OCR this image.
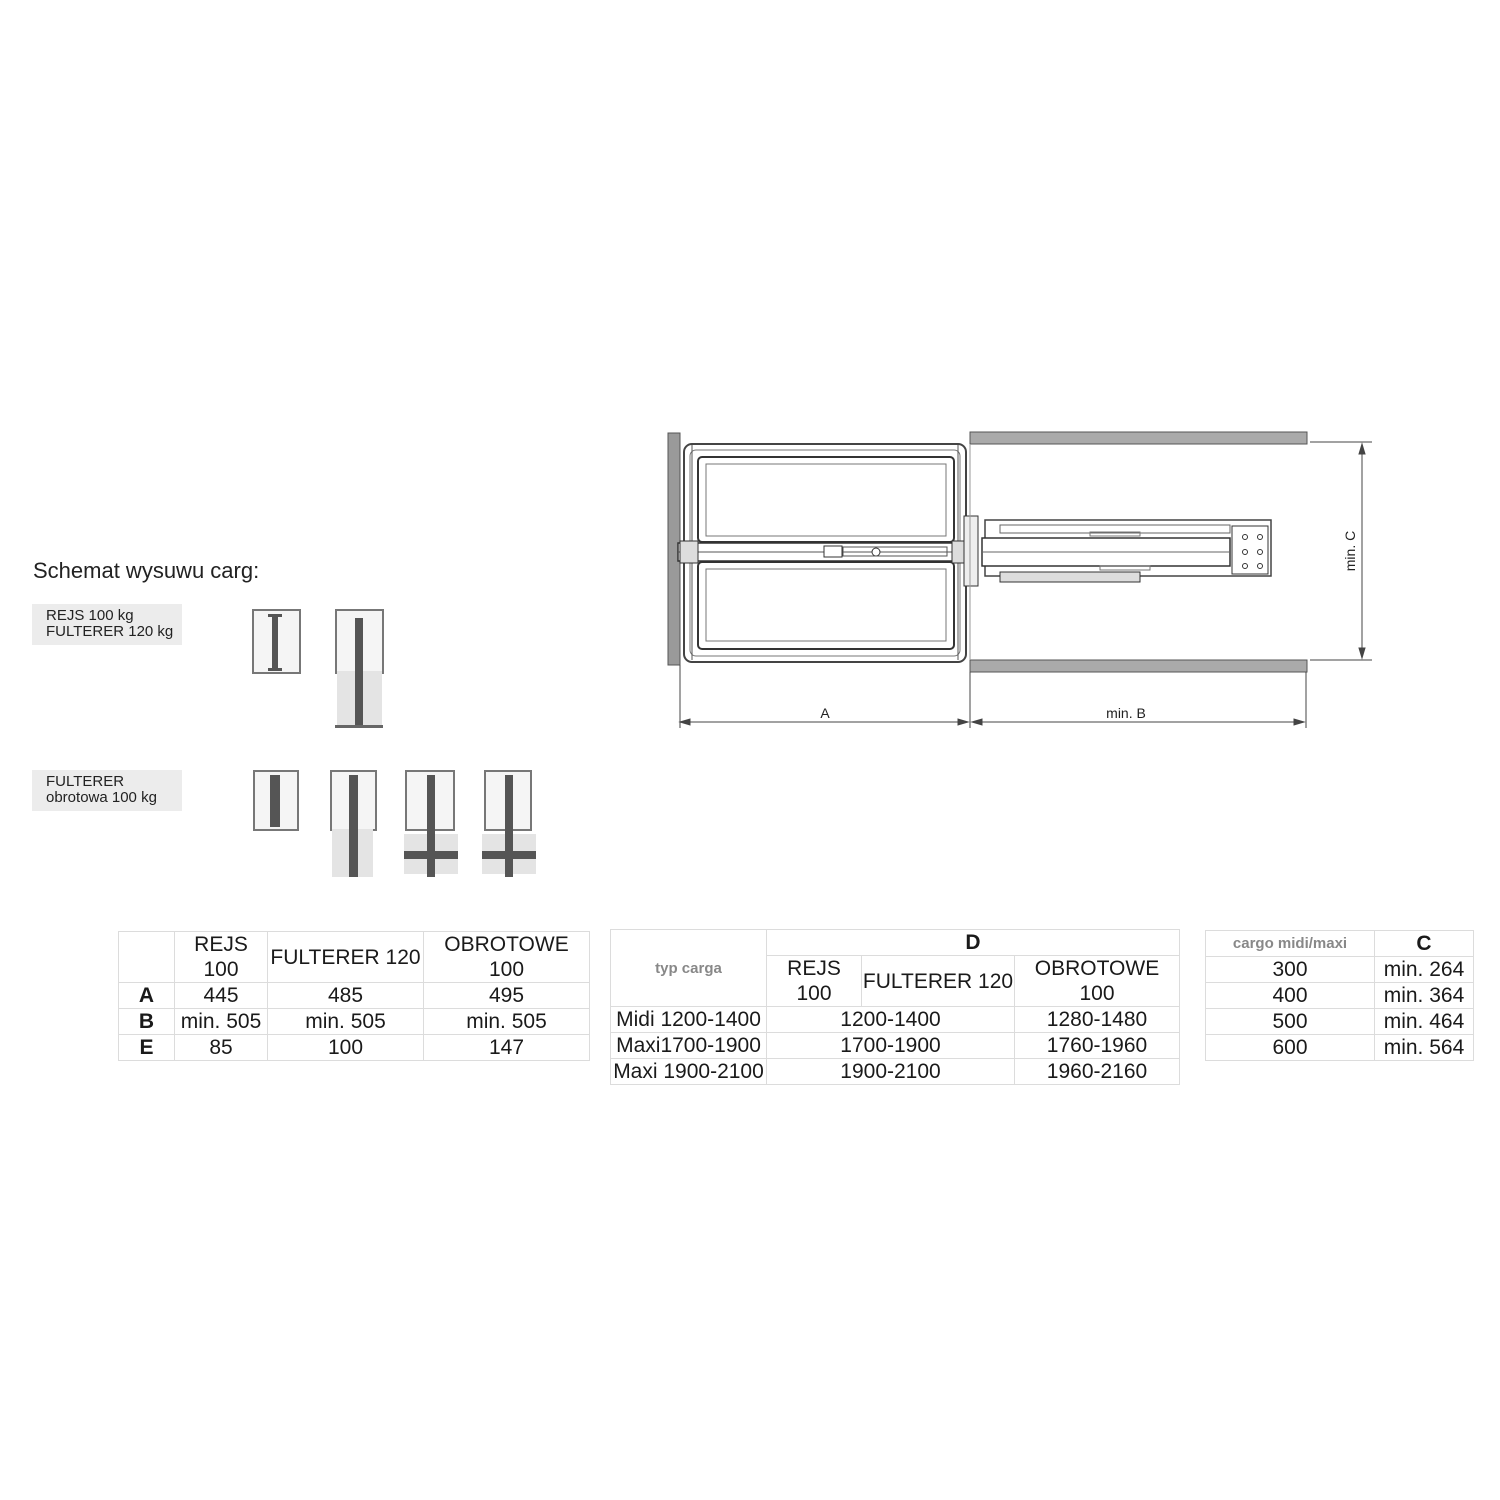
Schemat wysuwu carg:
REJS 100 kg
FULTERER 120 kg
FULTERER
obrotowa 100 kg
A	min. B
min. C
	REJS 100	FULTERER 120	OBROTOWE 100
A	445	485	495
B	min. 505	min. 505	min. 505
E	85	100	147
typ carga	D		
	REJS 100	FULTERER 120	OBROTOWE 100
Midi 1200-1400	1200-1400		1280-1480
Maxi1700-1900	1700-1900		1760-1960
Maxi 1900-2100	1900-2100		1960-2160
cargo midi/maxi	C
300	min. 264
400	min. 364
500	min. 464
600	min. 564
